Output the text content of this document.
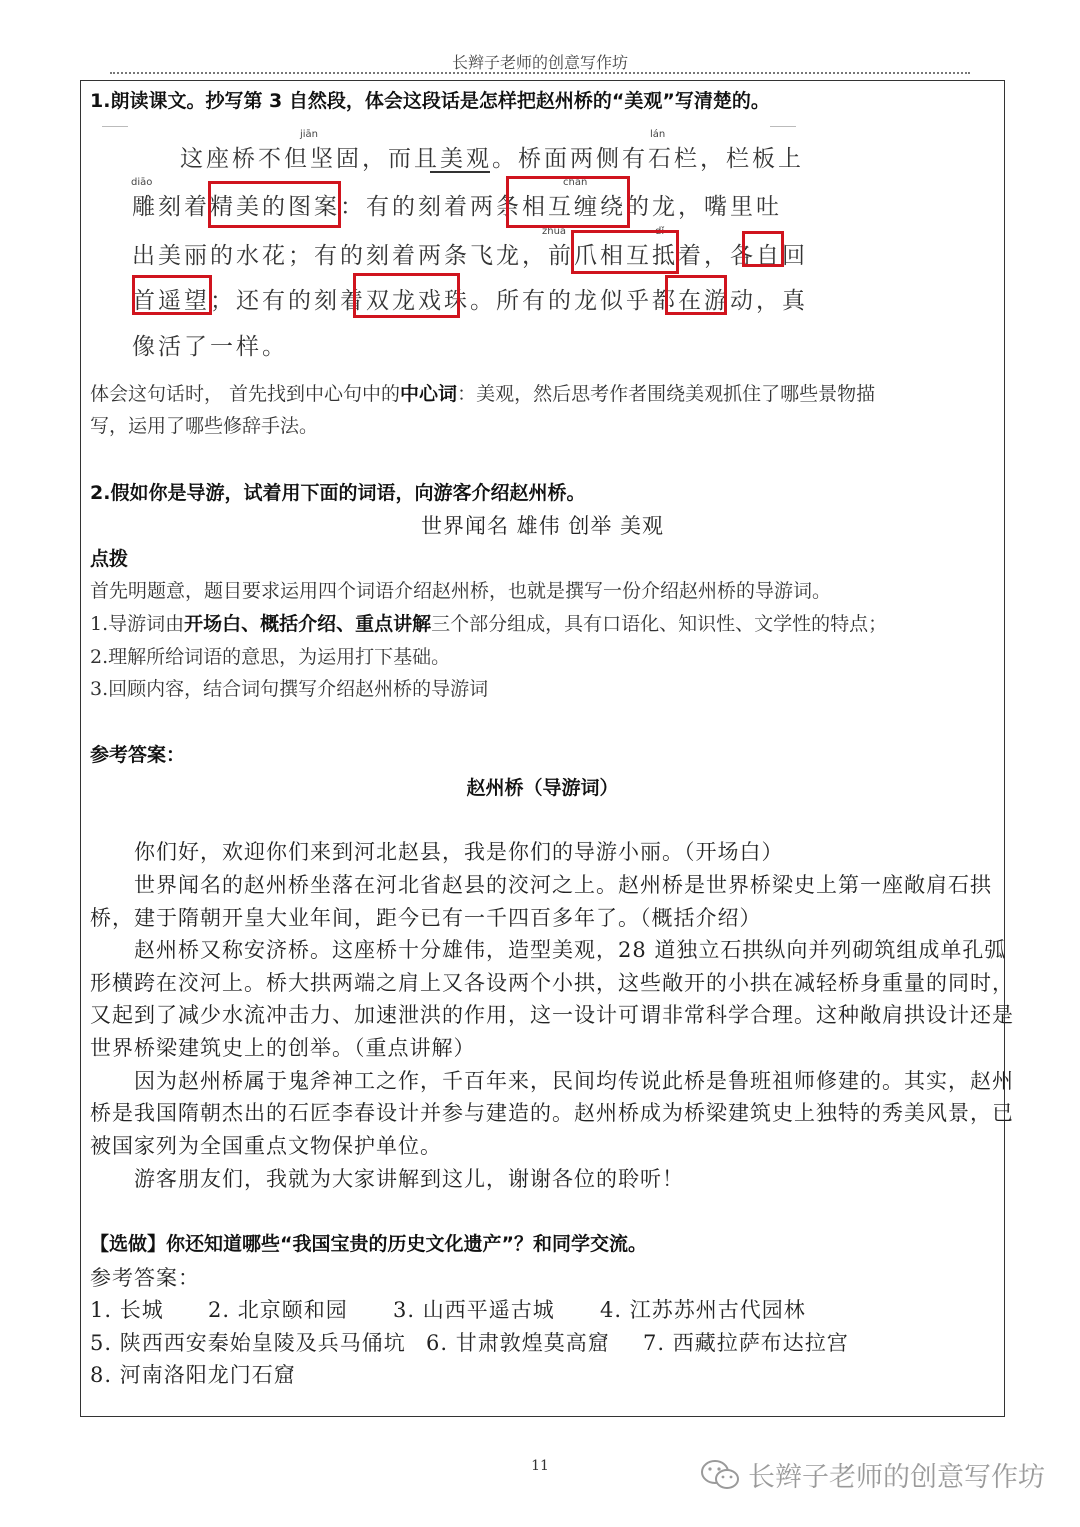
长辫子老师的创意写作坊
1.朗读课文。抄写第 3 自然段，体会这段话是怎样把赵州桥的“美观”写清楚的。
jiān	lán
diāo	chán
zhuǎ	dǐ
这座桥不但坚固，而且美观。桥面两侧有石栏，栏板上
雕刻着精美的图案：有的刻着两条相互缠绕的龙，嘴里吐
出美丽的水花；有的刻着两条飞龙，前爪相互抵着，各自回
首遥望；还有的刻着双龙戏珠。所有的龙似乎都在游动，真
像活了一样。
体会这句话时， 首先找到中心句中的中心词：美观，然后思考作者围绕美观抓住了哪些景物描
写，运用了哪些修辞手法。
2.假如你是导游，试着用下面的词语，向游客介绍赵州桥。
世界闻名 雄伟 创举 美观
点拨
首先明题意，题目要求运用四个词语介绍赵州桥，也就是撰写一份介绍赵州桥的导游词。
1.导游词由开场白、概括介绍、重点讲解三个部分组成，具有口语化、知识性、文学性的特点；
2.理解所给词语的意思，为运用打下基础。
3.回顾内容，结合词句撰写介绍赵州桥的导游词
参考答案：
赵州桥（导游词）
你们好，欢迎你们来到河北赵县，我是你们的导游小丽。（开场白）
世界闻名的赵州桥坐落在河北省赵县的洨河之上。赵州桥是世界桥梁史上第一座敞肩石拱
桥，建于隋朝开皇大业年间，距今已有一千四百多年了。（概括介绍）
赵州桥又称安济桥。这座桥十分雄伟，造型美观，28 道独立石拱纵向并列砌筑组成单孔弧
形横跨在洨河上。桥大拱两端之肩上又各设两个小拱，这些敞开的小拱在减轻桥身重量的同时，
又起到了减少水流冲击力、加速泄洪的作用，这一设计可谓非常科学合理。这种敞肩拱设计还是
世界桥梁建筑史上的创举。（重点讲解）
因为赵州桥属于鬼斧神工之作，千百年来，民间均传说此桥是鲁班祖师修建的。其实，赵州
桥是我国隋朝杰出的石匠李春设计并参与建造的。赵州桥成为桥梁建筑史上独特的秀美风景，已
被国家列为全国重点文物保护单位。
游客朋友们，我就为大家讲解到这儿，谢谢各位的聆听！
【选做】你还知道哪些“我国宝贵的历史文化遗产”？和同学交流。
参考答案：
1. 长城 2. 北京颐和园 3. 山西平遥古城 4. 江苏苏州古代园林
5. 陕西西安秦始皇陵及兵马俑坑 6. 甘肃敦煌莫高窟 7. 西藏拉萨布达拉宫
8. 河南洛阳龙门石窟
11	长辫子老师的创意写作坊
